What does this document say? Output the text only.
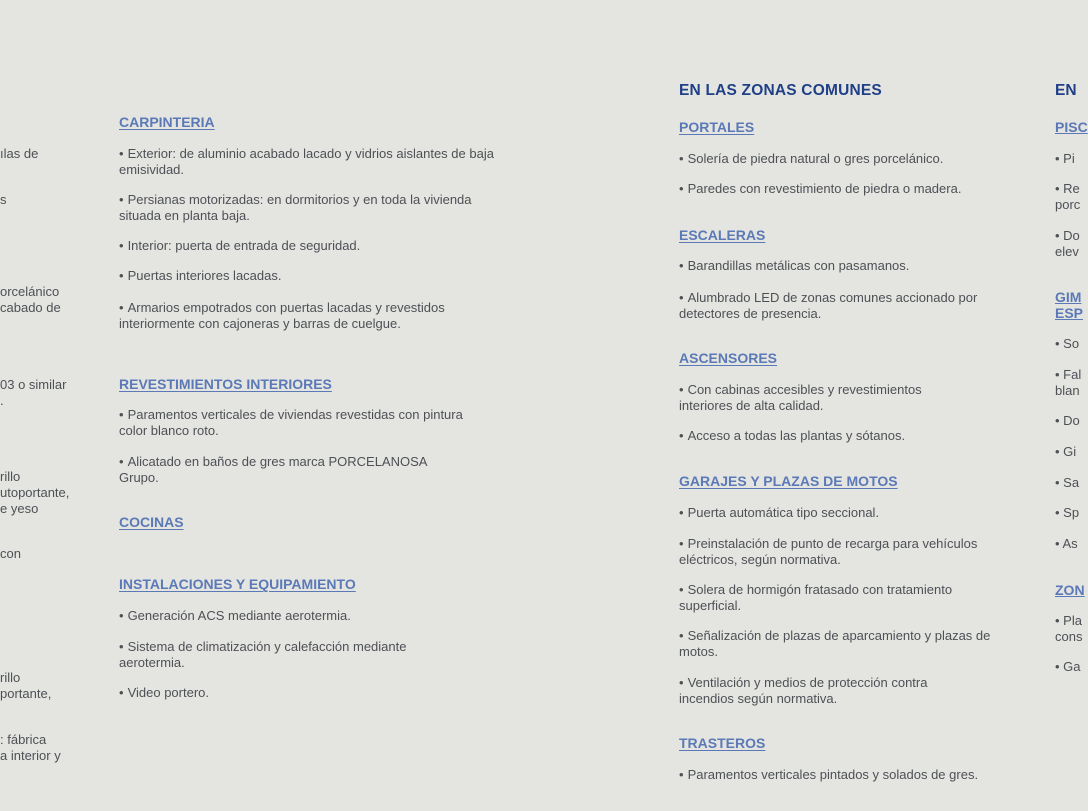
ılas de

s

orcelánico

cabado de

03 o similar

.

rillo

utoportante,

e yeso

con

rillo

portante,

: fábrica

a interior y

CARPINTERIA

• Exterior: de aluminio acabado lacado y vidrios aislantes de baja emisividad.

• Persianas motorizadas: en dormitorios y en toda la vivienda situada en planta baja.

• Interior: puerta de entrada de seguridad.

• Puertas interiores lacadas.

• Armarios empotrados con puertas lacadas y revestidos interiormente con cajoneras y barras de cuelgue.

REVESTIMIENTOS INTERIORES

• Paramentos verticales de viviendas revestidas con pintura color blanco roto.

• Alicatado en baños de gres marca PORCELANOSA Grupo.

COCINAS

INSTALACIONES Y EQUIPAMIENTO

• Generación ACS mediante aerotermia.

• Sistema de climatización y calefacción mediante aerotermia.

• Video portero.

EN LAS ZONAS COMUNES

PORTALES

• Solería de piedra natural o gres porcelánico.

• Paredes con revestimiento de piedra o madera.

ESCALERAS

• Barandillas metálicas con pasamanos.

• Alumbrado LED de zonas comunes accionado por detectores de presencia.

ASCENSORES

• Con cabinas accesibles y revestimientos interiores de alta calidad.

• Acceso a todas las plantas y sótanos.

GARAJES Y PLAZAS DE MOTOS

• Puerta automática tipo seccional.

• Preinstalación de punto de recarga para vehículos eléctricos, según normativa.

• Solera de hormigón fratasado con tratamiento superficial.

• Señalización de plazas de aparcamiento y plazas de motos.

• Ventilación y medios de protección contra incendios según normativa.

TRASTEROS

• Paramentos verticales pintados y solados de gres.

EN

PISC

• Pi

• Re

porc

• Do

elev

GIM

ESP

• So

• Fal

blan

• Do

• Gi

• Sa

• Sp

• As

ZON

• Pla

cons

• Ga
